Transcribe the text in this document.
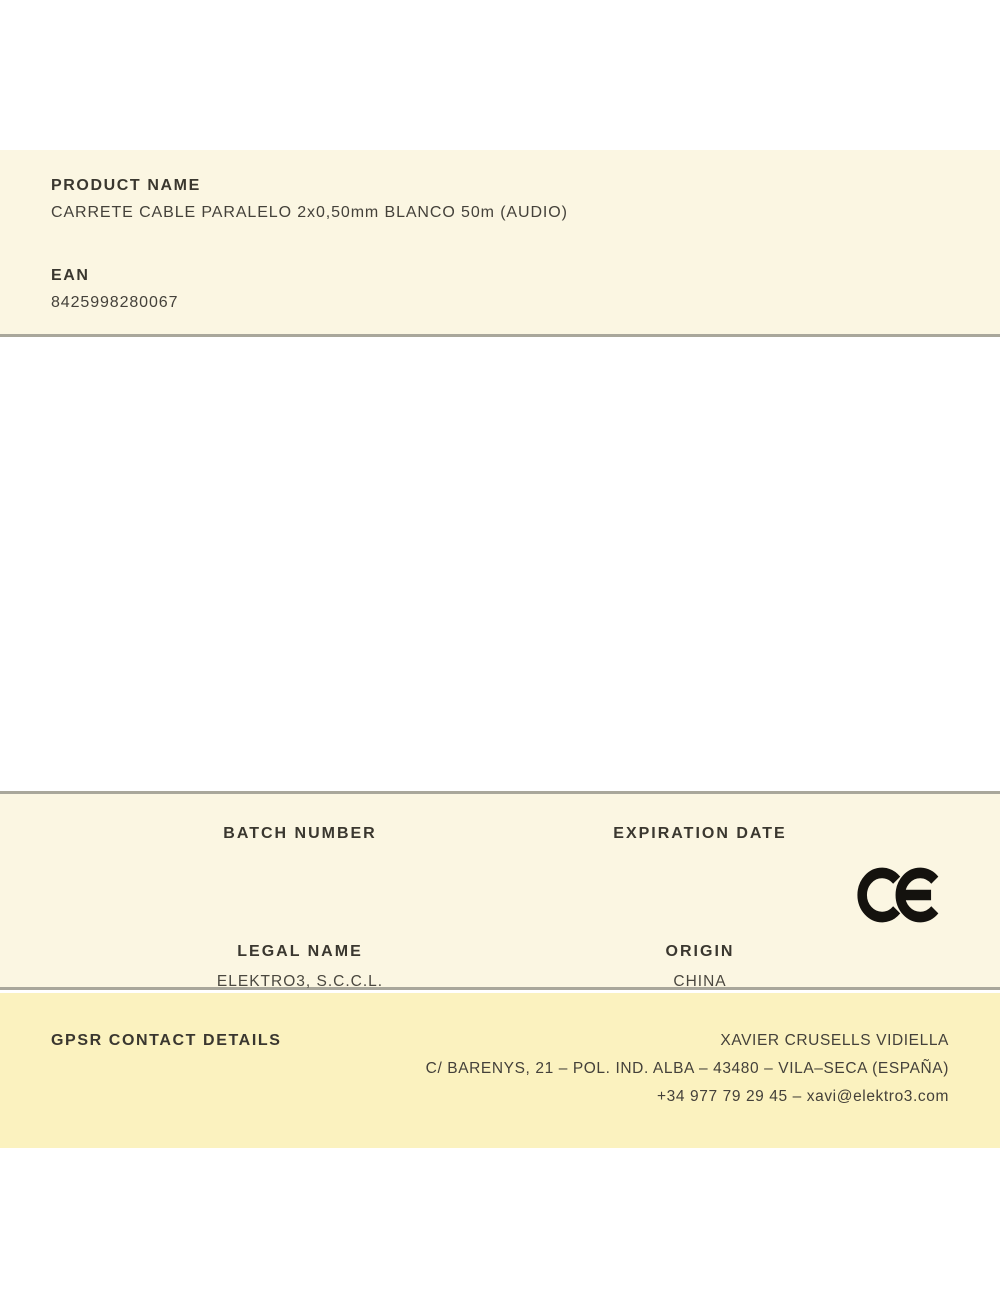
PRODUCT NAME
CARRETE CABLE PARALELO 2x0,50mm BLANCO 50m (AUDIO)
EAN
8425998280067
BATCH NUMBER	EXPIRATION DATE
LEGAL NAME
ELEKTRO3, S.C.C.L.
ORIGIN
CHINA
GPSR CONTACT DETAILS	XAVIER CRUSELLS VIDIELLA
C/ BARENYS, 21 – POL. IND. ALBA – 43480 – VILA–SECA (ESPAÑA)
+34 977 79 29 45 – xavi@elektro3.com
